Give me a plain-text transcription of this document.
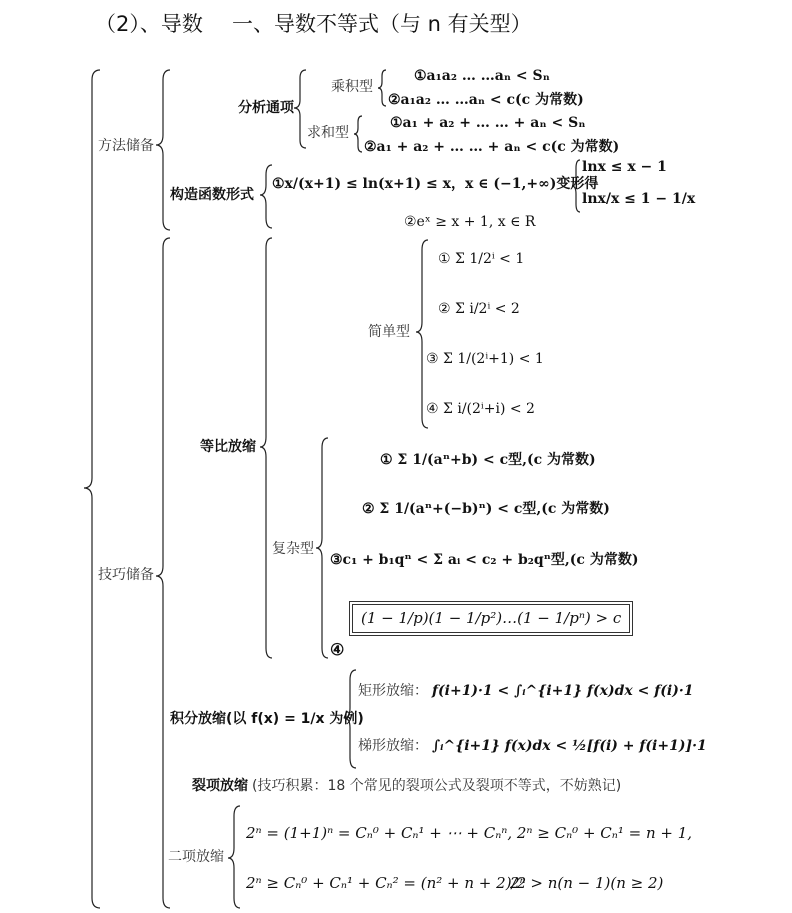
（2）、导数 一、导数不等式（与 n 有关型）
方法储备
技巧储备
分析通项
乘积型
求和型
构造函数形式
等比放缩
简单型
复杂型
积分放缩(以 f(x) = 1/x 为例)
矩形放缩：
梯形放缩：
裂项放缩 (技巧积累：18 个常见的裂项公式及裂项不等式，不妨熟记)
二项放缩
①a₁a₂ … …aₙ < Sₙ
②a₁a₂ … …aₙ < c(c 为常数)
①a₁ + a₂ + … … + aₙ < Sₙ
②a₁ + a₂ + … … + aₙ < c(c 为常数)
①x/(x+1) ≤ ln(x+1) ≤ x，x ∈ (−1,+∞)变形得
lnx ≤ x − 1
lnx/x ≤ 1 − 1/x
②eˣ ≥ x + 1, x ∈ R
① Σ 1/2ⁱ < 1
② Σ i/2ⁱ < 2
③ Σ 1/(2ⁱ+1) < 1
④ Σ i/(2ⁱ+i) < 2
① Σ 1/(aⁿ+b) < c型,(c 为常数)
② Σ 1/(aⁿ+(−b)ⁿ) < c型,(c 为常数)
③c₁ + b₁qⁿ < Σ aᵢ < c₂ + b₂qⁿ型,(c 为常数)
④
(1 − 1/p)(1 − 1/p²)…(1 − 1/pⁿ) > c
f(i+1)·1 < ∫ᵢ^{i+1} f(x)dx < f(i)·1
∫ᵢ^{i+1} f(x)dx < ½[f(i) + f(i+1)]·1
2ⁿ = (1+1)ⁿ = Cₙ⁰ + Cₙ¹ + ⋯ + Cₙⁿ, 2ⁿ ≥ Cₙ⁰ + Cₙ¹ = n + 1,
2ⁿ ≥ Cₙ⁰ + Cₙ¹ + Cₙ² = (n² + n + 2)/2
2ⁿ > n(n − 1)(n ≥ 2)
